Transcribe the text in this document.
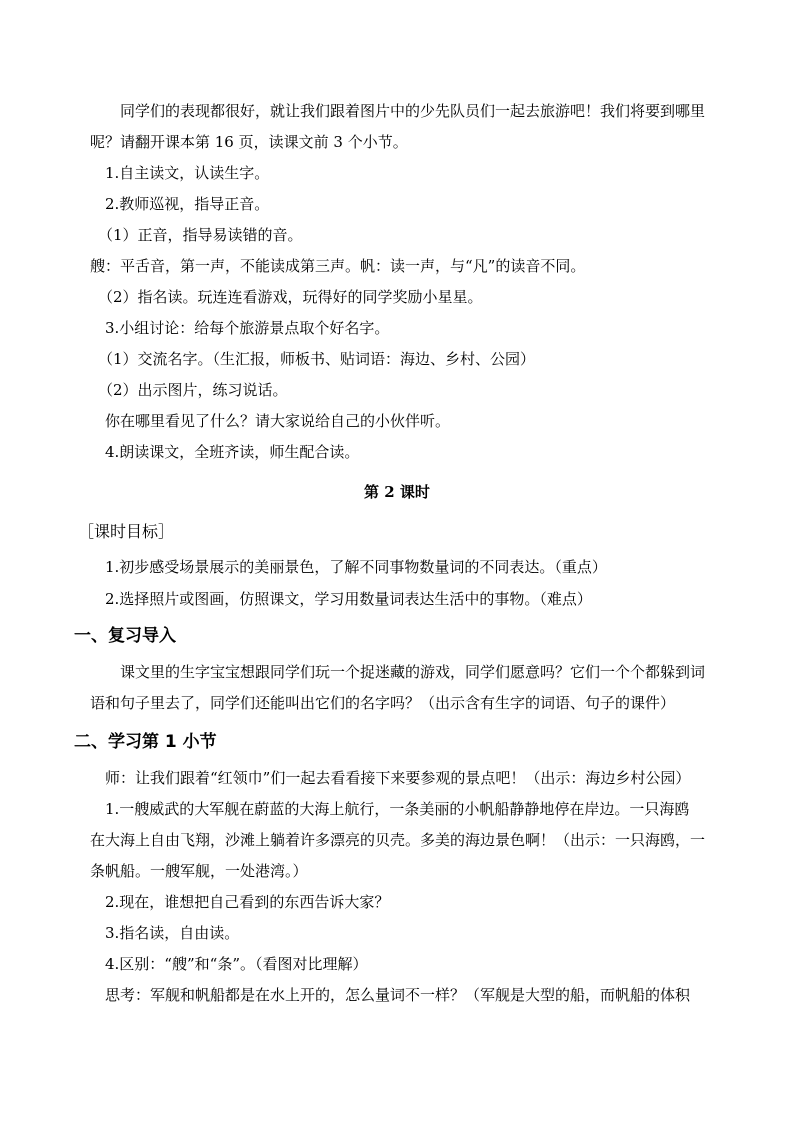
同学们的表现都很好，就让我们跟着图片中的少先队员们一起去旅游吧！我们将要到哪里
呢？请翻开课本第 16 页，读课文前 3 个小节。
1.自主读文，认读生字。
2.教师巡视，指导正音。
（1）正音，指导易读错的音。
艘：平舌音，第一声，不能读成第三声。帆：读一声，与“凡”的读音不同。
（2）指名读。玩连连看游戏，玩得好的同学奖励小星星。
3.小组讨论：给每个旅游景点取个好名字。
（1）交流名字。（生汇报，师板书、贴词语：海边、乡村、公园）
（2）出示图片，练习说话。
你在哪里看见了什么？请大家说给自己的小伙伴听。
4.朗读课文，全班齐读，师生配合读。
第 2 课时
［课时目标］
1.初步感受场景展示的美丽景色，了解不同事物数量词的不同表达。（重点）
2.选择照片或图画，仿照课文，学习用数量词表达生活中的事物。（难点）
一、复习导入
课文里的生字宝宝想跟同学们玩一个捉迷藏的游戏，同学们愿意吗？它们一个个都躲到词
语和句子里去了，同学们还能叫出它们的名字吗？（出示含有生字的词语、句子的课件）
二、学习第 1 小节
师：让我们跟着“红领巾”们一起去看看接下来要参观的景点吧！（出示：海边乡村公园）
1.一艘威武的大军舰在蔚蓝的大海上航行，一条美丽的小帆船静静地停在岸边。一只海鸥
在大海上自由飞翔，沙滩上躺着许多漂亮的贝壳。多美的海边景色啊！（出示：一只海鸥，一
条帆船。一艘军舰，一处港湾。）
2.现在，谁想把自己看到的东西告诉大家？
3.指名读，自由读。
4.区别：“艘”和“条”。（看图对比理解）
思考：军舰和帆船都是在水上开的，怎么量词不一样？（军舰是大型的船，而帆船的体积
